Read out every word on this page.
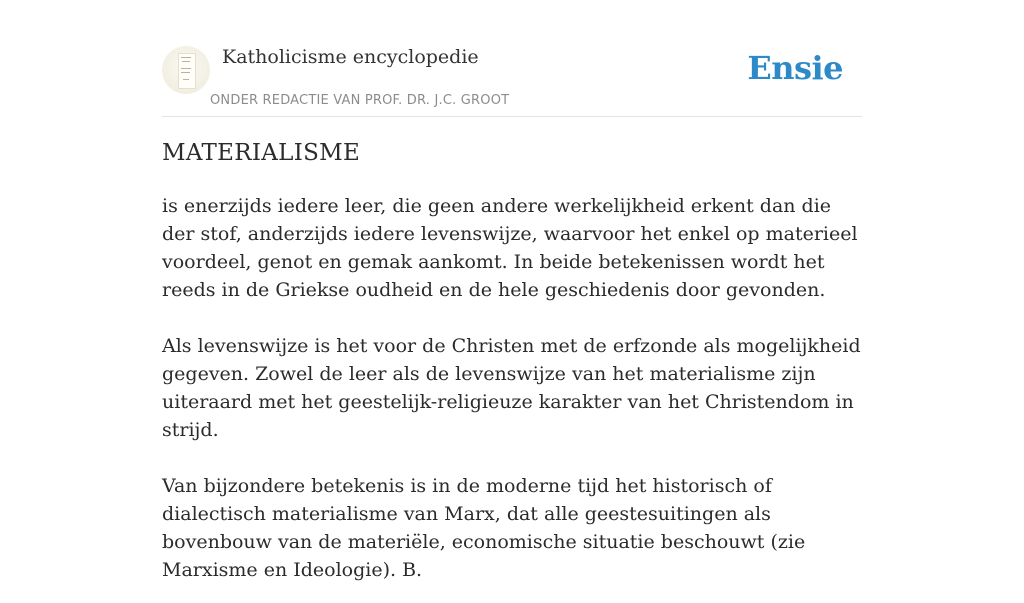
Katholicisme encyclopedie
ONDER REDACTIE VAN PROF. DR. J.C. GROOT
Ensie
MATERIALISME

is enerzijds iedere leer, die geen andere werkelijkheid erkent dan die der stof, anderzijds iedere levenswijze, waarvoor het enkel op materieel voordeel, genot en gemak aankomt. In beide betekenissen wordt het reeds in de Griekse oudheid en de hele geschiedenis door gevonden.

Als levenswijze is het voor de Christen met de erfzonde als mogelijkheid gegeven. Zowel de leer als de levenswijze van het materialisme zijn uiteraard met het geestelijk-religieuze karakter van het Christendom in strijd.

Van bijzondere betekenis is in de moderne tijd het historisch of dialectisch materialisme van Marx, dat alle geestesuitingen als bovenbouw van de materiële, economische situatie beschouwt (zie Marxisme en Ideologie). B.
